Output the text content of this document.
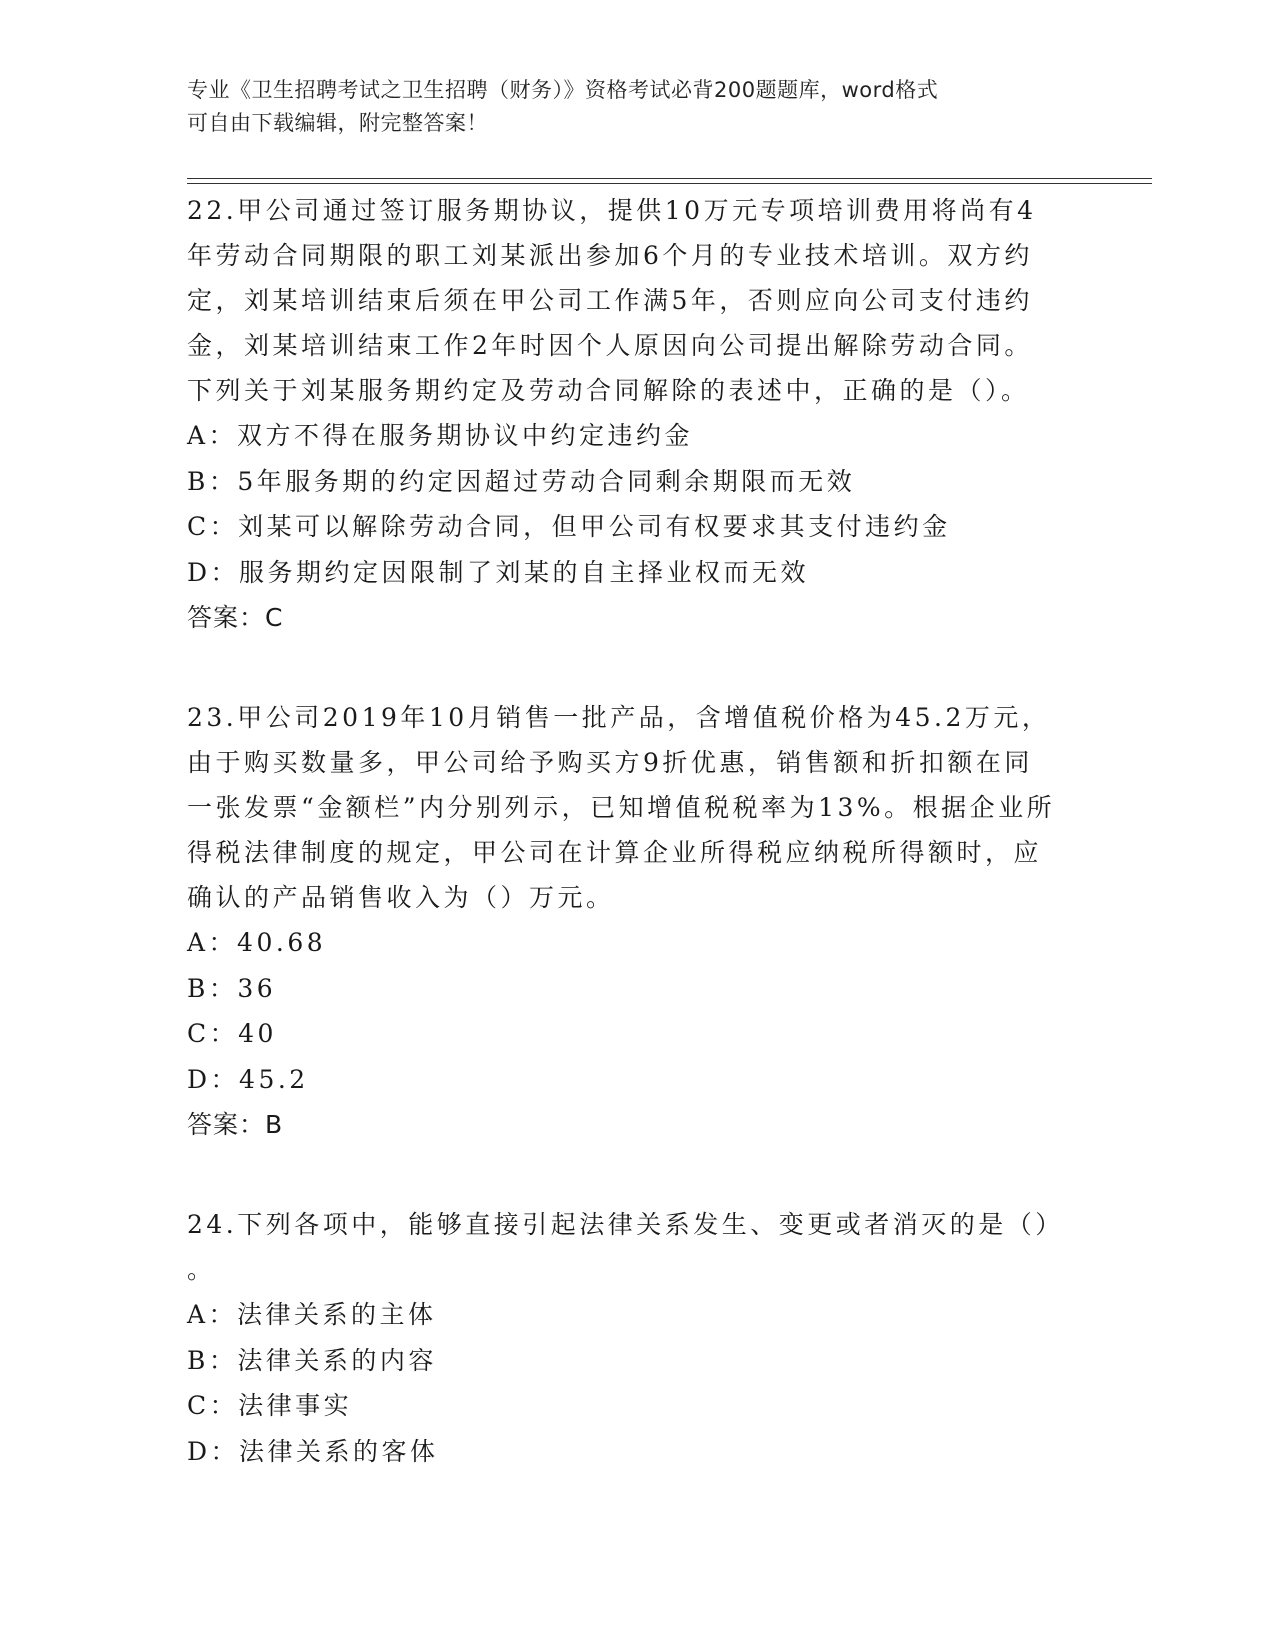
专业《卫生招聘考试之卫生招聘（财务）》资格考试必背200题题库，word格式
可自由下载编辑，附完整答案！
22.甲公司通过签订服务期协议，提供10万元专项培训费用将尚有4
年劳动合同期限的职工刘某派出参加6个月的专业技术培训。双方约
定，刘某培训结束后须在甲公司工作满5年，否则应向公司支付违约
金，刘某培训结束工作2年时因个人原因向公司提出解除劳动合同。
下列关于刘某服务期约定及劳动合同解除的表述中，正确的是（）。
A：双方不得在服务期协议中约定违约金
B：5年服务期的约定因超过劳动合同剩余期限而无效
C：刘某可以解除劳动合同，但甲公司有权要求其支付违约金
D：服务期约定因限制了刘某的自主择业权而无效
答案：C
23.甲公司2019年10月销售一批产品，含增值税价格为45.2万元，
由于购买数量多，甲公司给予购买方9折优惠，销售额和折扣额在同
一张发票“金额栏”内分别列示，已知增值税税率为13%。根据企业所
得税法律制度的规定，甲公司在计算企业所得税应纳税所得额时，应
确认的产品销售收入为（）万元。
A：40.68
B：36
C：40
D：45.2
答案：B
24.下列各项中，能够直接引起法律关系发生、变更或者消灭的是（）
。
A：法律关系的主体
B：法律关系的内容
C：法律事实
D：法律关系的客体
